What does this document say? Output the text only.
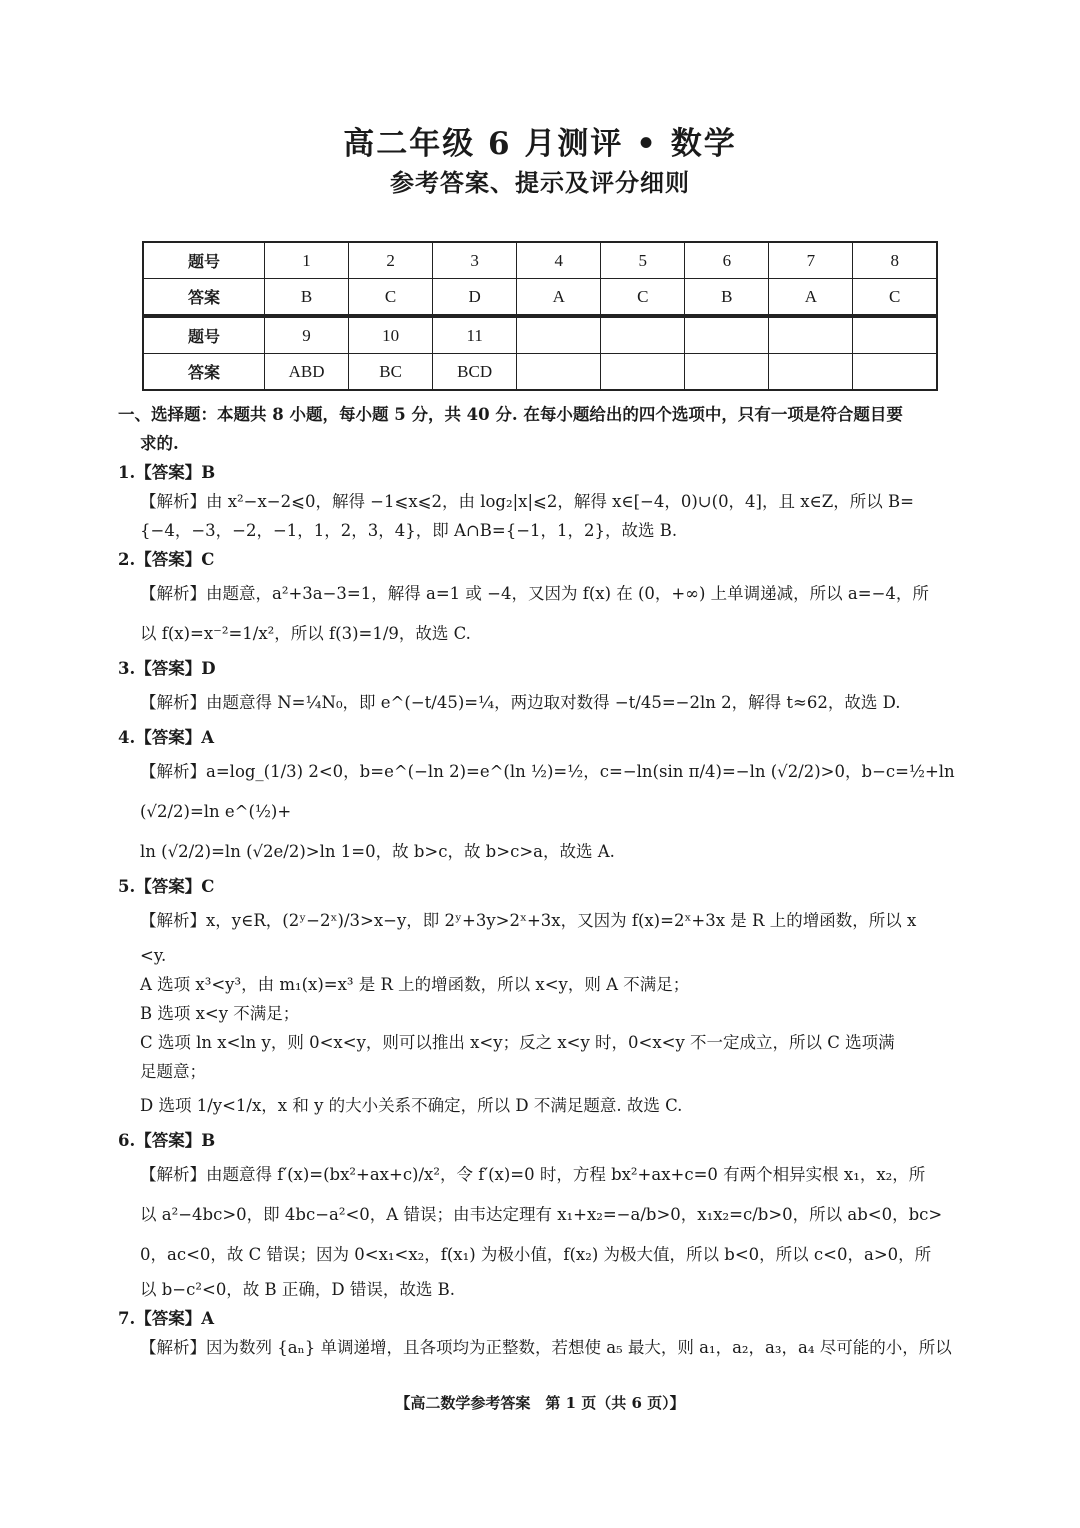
高二年级 6 月测评 • 数学
参考答案、提示及评分细则
题号	1	2	3	4	5	6	7	8
答案	B	C	D	A	C	B	A	C
题号	9	10	11					
答案	ABD	BC	BCD					

一、选择题：本题共 8 小题，每小题 5 分，共 40 分. 在每小题给出的四个选项中，只有一项是符合题目要

求的.

1.【答案】B

【解析】由 x²−x−2⩽0，解得 −1⩽x⩽2，由 log₂|x|⩽2，解得 x∈[−4，0)∪(0，4]，且 x∈Z，所以 B=

{−4，−3，−2，−1，1，2，3，4}，即 A∩B={−1，1，2}，故选 B.

2.【答案】C

【解析】由题意，a²+3a−3=1，解得 a=1 或 −4，又因为 f(x) 在 (0，+∞) 上单调递减，所以 a=−4，所

以 f(x)=x⁻²=1/x²，所以 f(3)=1/9，故选 C.

3.【答案】D

【解析】由题意得 N=¼N₀，即 e^(−t/45)=¼，两边取对数得 −t/45=−2ln 2，解得 t≈62，故选 D.

4.【答案】A

【解析】a=log_(1/3) 2<0，b=e^(−ln 2)=e^(ln ½)=½，c=−ln(sin π/4)=−ln (√2/2)>0，b−c=½+ln (√2/2)=ln e^(½)+

ln (√2/2)=ln (√2e/2)>ln 1=0，故 b>c，故 b>c>a，故选 A.

5.【答案】C

【解析】x，y∈R，(2ʸ−2ˣ)/3>x−y，即 2ʸ+3y>2ˣ+3x，又因为 f(x)=2ˣ+3x 是 R 上的增函数，所以 x

<y.

A 选项 x³<y³，由 m₁(x)=x³ 是 R 上的增函数，所以 x<y，则 A 不满足；

B 选项 x<y 不满足；

C 选项 ln x<ln y，则 0<x<y，则可以推出 x<y；反之 x<y 时，0<x<y 不一定成立，所以 C 选项满

足题意；

D 选项 1/y<1/x，x 和 y 的大小关系不确定，所以 D 不满足题意. 故选 C.

6.【答案】B

【解析】由题意得 f′(x)=(bx²+ax+c)/x²，令 f′(x)=0 时，方程 bx²+ax+c=0 有两个相异实根 x₁，x₂，所

以 a²−4bc>0，即 4bc−a²<0，A 错误；由韦达定理有 x₁+x₂=−a/b>0，x₁x₂=c/b>0，所以 ab<0，bc>

0，ac<0，故 C 错误；因为 0<x₁<x₂，f(x₁) 为极小值，f(x₂) 为极大值，所以 b<0，所以 c<0，a>0，所

以 b−c²<0，故 B 正确，D 错误，故选 B.

7.【答案】A

【解析】因为数列 {aₙ} 单调递增，且各项均为正整数，若想使 a₅ 最大，则 a₁，a₂，a₃，a₄ 尽可能的小，所以

【高二数学参考答案　第 1 页（共 6 页）】
